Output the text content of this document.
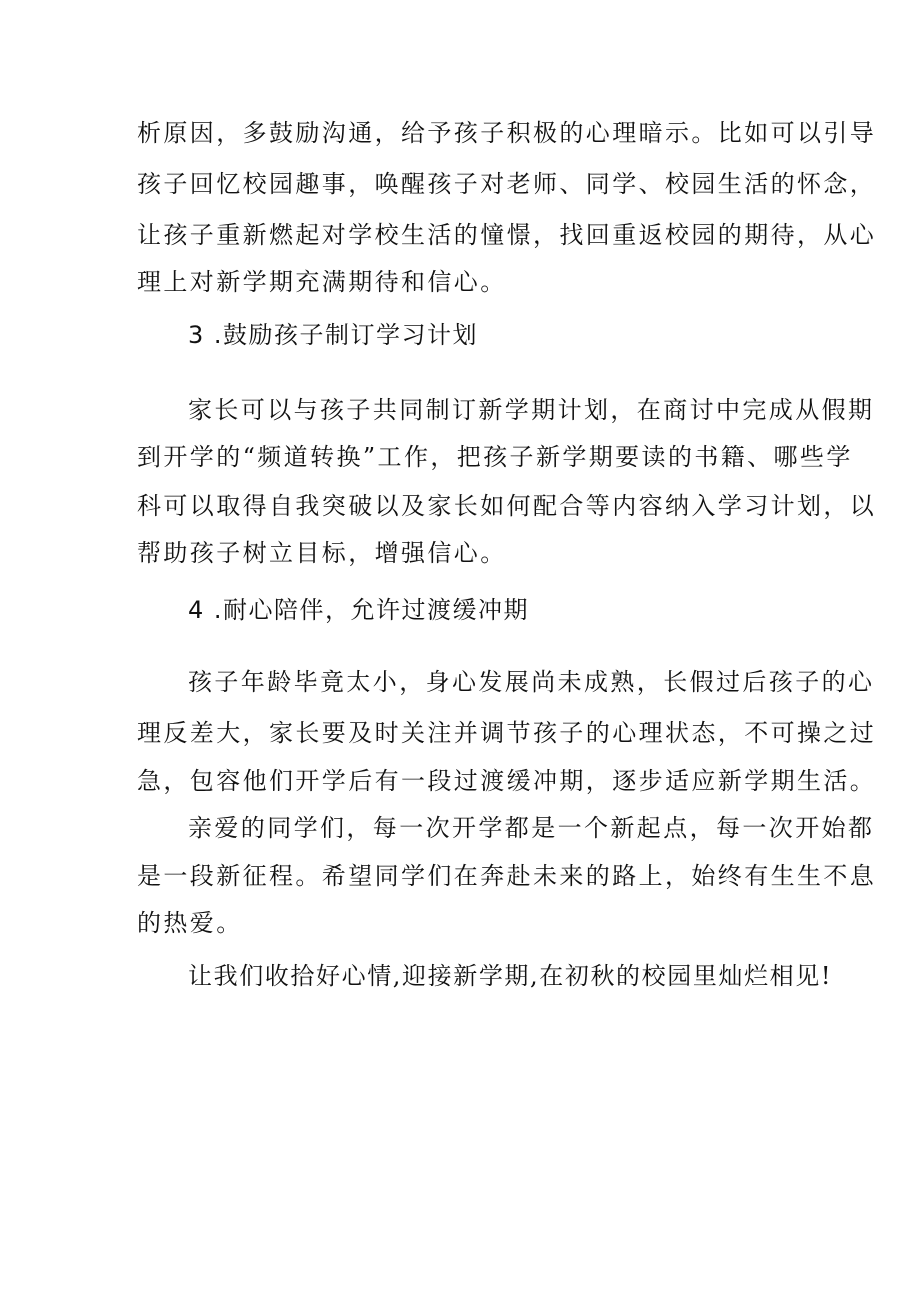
析原因，多鼓励沟通，给予孩子积极的心理暗示。比如可以引导
孩子回忆校园趣事，唤醒孩子对老师、同学、校园生活的怀念，
让孩子重新燃起对学校生活的憧憬，找回重返校园的期待，从心
理上对新学期充满期待和信心。
3 .鼓励孩子制订学习计划
家长可以与孩子共同制订新学期计划，在商讨中完成从假期
到开学的“频道转换”工作，把孩子新学期要读的书籍、哪些学
科可以取得自我突破以及家长如何配合等内容纳入学习计划，以
帮助孩子树立目标，增强信心。
4 .耐心陪伴，允许过渡缓冲期
孩子年龄毕竟太小，身心发展尚未成熟，长假过后孩子的心
理反差大，家长要及时关注并调节孩子的心理状态，不可操之过
急，包容他们开学后有一段过渡缓冲期，逐步适应新学期生活。
亲爱的同学们，每一次开学都是一个新起点，每一次开始都
是一段新征程。希望同学们在奔赴未来的路上，始终有生生不息
的热爱。
让我们收拾好心情,迎接新学期,在初秋的校园里灿烂相见!
